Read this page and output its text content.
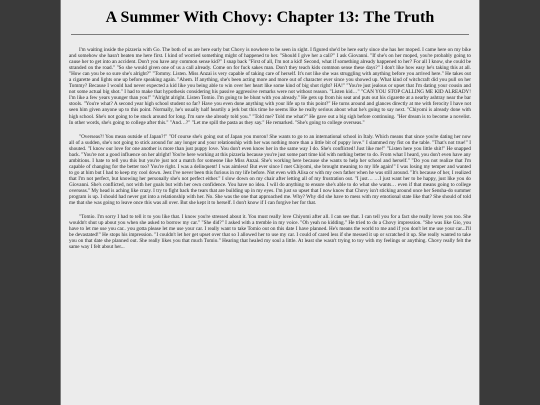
A Summer With Chovy: Chapter 13: The Truth

I'm waiting inside the pizzeria with Go. The both of us are here early but Chovy is nowhere to be seen in sight. I figured she'd be here early since she has her moped. I came here on my bike and somehow she hasn't beaten me here first. I kind of worried something might of happened to her. "Should I give her a call?" I ask Giovanni. "If she's on her moped, you're probably going to cause her to get into an accident. Don't you have any common sense kid?" I snap back "First of all, I'm not a kid! Second, what if something already happened to her? For all I know, she could be stranded on the road." "So she would given one of us a call already. Come on for fuck sakes man. Don't they teach kids common sense these days?" I don't like how easy he's taking this at all. "How can you be so sure she's alright?" "Tommy. Listen. Miss Anzai is very capable of taking care of herself. It's not like she was struggling with anything before you arrived here." He takes out a cigarette and lights one up before speaking again. "Ahem. If anything, she's been acting more and more out of character ever since you showed up. What kind of witchcraft did you pull on her Tommy? Because I would had never expected a kid like you being able to win over her heart like some kind of big shot right? HA!" "You're just jealous or upset that I'm dating your cousin and not some actual big shot." I had to make that hypothesis considering his passive aggressive remarks were not without reason. "Listen kid…" "CAN YOU STOP CALLING ME KID ALREADY! I'm like a few years younger than you!" "Alright alright. Listen Tomio. I'm going to be blunt with you already." He gets up from his seat and puts out his cigarette at a nearby ashtray near the bar stools. "You're what? A second year high school student so far? Have you even done anything with your life up to this point?" He turns around and glances directly at me with ferocity I have not seen him given anyone up to this point. Normally, he's usually half heartily a jerk but this time he seems like he really serious about what he's going to say next. "Chiyomi is already done with high school. She's not going to be stuck around for long. I'm sure she already told you." "Told me? Told me what?" He gave out a big sigh before continuing. "Her dream is to become a novelist. In other words, she's going to college after this." "And…?" "Let me spill the pasta as they say." He remarked. "She's going to college overseas."

"Overseas?! You mean outside of Japan?!" "Of course she's going out of Japan you moron! She wants to go to an international school in Italy. Which means that since you're dating her now all of a sudden, she's not going to stick around for any longer and your relationship with her was nothing more than a little bit of puppy love." I slammed my fist on the table. "That's not true!" I shouted. "I know our love for one another is more than just puppy love. You don't even know her in the same way I do. She's conflicted! Just like me!" "Listen here you little shit!" He snapped back. "You're not a good influence on her alright! You're here working at this pizzeria because you're just some part time kid with nothing better to do. From what I heard, you don't even have any ambitions. I hate to tell you this but you're just not a match for someone like Miss Anzai. She's working here because she wants to help her school and herself." "Do you not realize that I'm capable of changing for the better too? You're right. I was a delinquent! I was aimless! But ever since I met Chiyomi, she brought meaning to my life again!" I was losing my temper and wanted to go at him but I had to keep my cool down. Jeez I've never been this furious in my life before. Not even with Alisa or with my own father when he was still around. "It's because of her, I realized that I'm not perfect, but knowing her personally she's not perfect either." I slow down on my chair after letting all of my frustration out. "I just… …I just want her to be happy, just like you do Giovanni. She's conflicted, not with her goals but with her own confidence. You have no idea. I will do anything to ensure she's able to do what she wants… even if that means going to college overseas." My head is aching like crazy. I try to fight back the tears that are building up in my eyes. I'm just so upset that I now know that Chovy isn't sticking around once her Sensha-do summer program is up. I should had never got into a relationship with her. No. She was the one that approached me. Why? Why did she have to mess with my emotional state like that? She should of told me that she was going to leave once this was all over. But she kept it to herself. I don't know if I can forgive her for that.

"Tomio. I'm sorry I had to tell it to you like that. I know you're stressed about it. You must really love Chiyomi after all. I can see that. I can tell you for a fact she really loves you too. She wouldn't shut up about you when she asked to borrow my car." "She did?" I asked with a tremble in my voice. "Oh yeah no kidding." He tried to do a Chovy impression. "She was like Gio, you have to let me use you car.. you gotta please let me use your car. I really want to take Tomio out on this date I have planned. He's means the world to me and if you don't let me use your car...I'll be devastated!" He stops his impression. "I couldn't let her get upset over that so I allowed her to use my car. I could of cared less if she messed it up or scratched it up. She really wanted to take you on that date she planned out. She really likes you that much Tomio." Hearing that healed my soul a little. At least she wasn't trying to toy with my feelings or anything. Chovy really felt the same way I felt about her...
